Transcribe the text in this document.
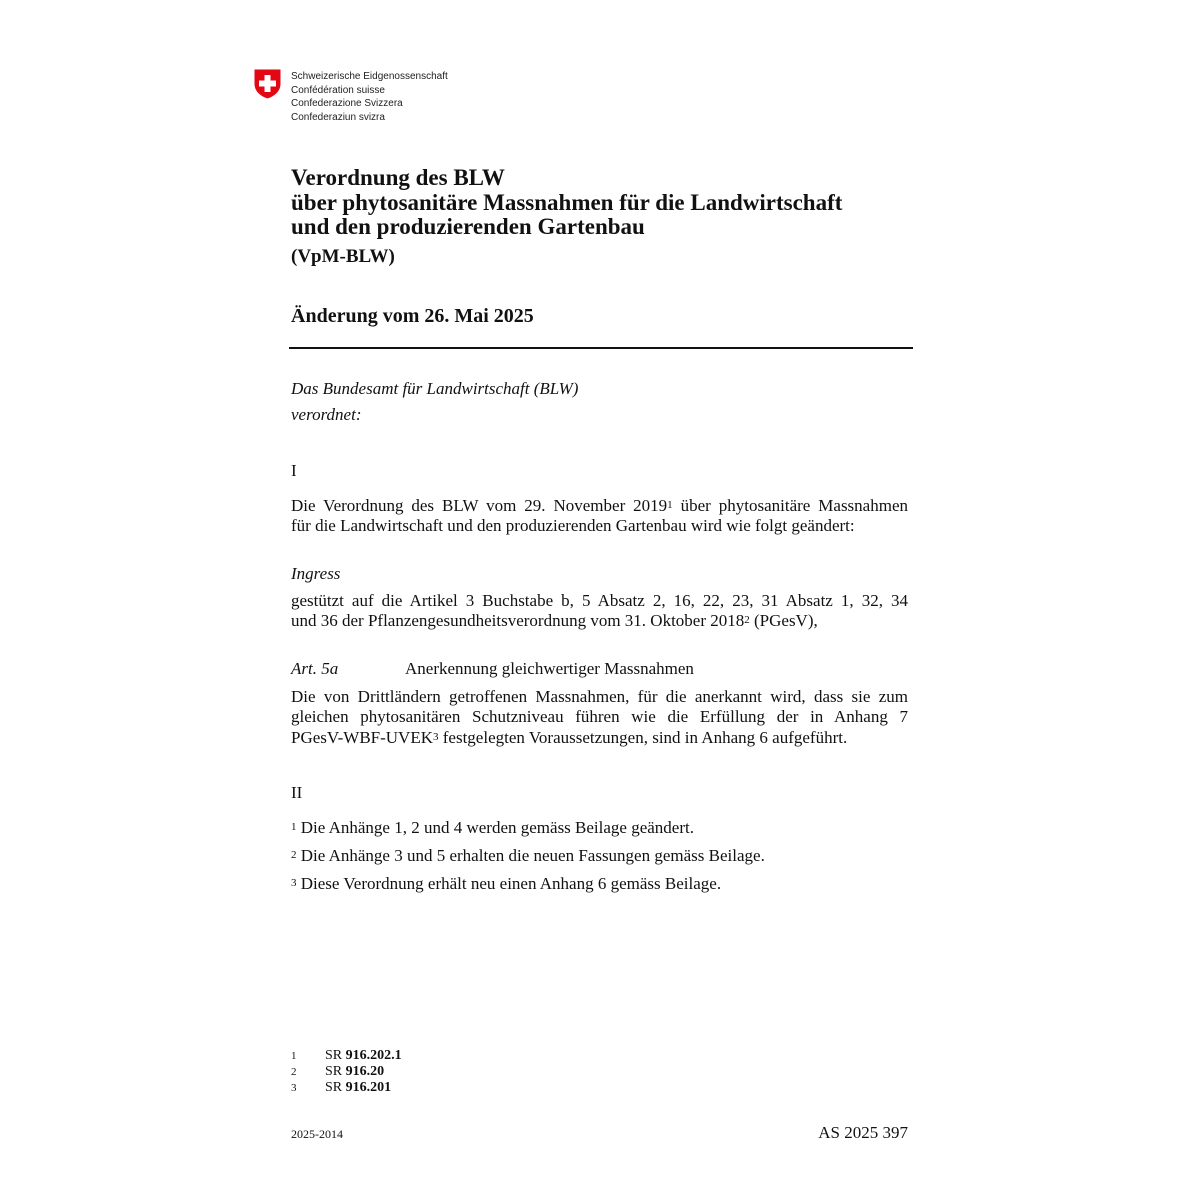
Schweizerische Eidgenossenschaft
Confédération suisse
Confederazione Svizzera
Confederaziun svizra
Verordnung des BLW
über phytosanitäre Massnahmen für die Landwirtschaft
und den produzierenden Gartenbau
(VpM-BLW)
Änderung vom 26. Mai 2025
Das Bundesamt für Landwirtschaft (BLW)
verordnet:
I
Die Verordnung des BLW vom 29. November 2019$^1$ über phytosanitäre Massnahmen
für die Landwirtschaft und den produzierenden Gartenbau wird wie folgt geändert:
Ingress
gestützt auf die Artikel 3 Buchstabe b, 5 Absatz 2, 16, 22, 23, 31 Absatz 1, 32, 34
und 36 der Pflanzengesundheitsverordnung vom 31. Oktober 2018$^2$ (PGesV),
Art. 5a	Anerkennung gleichwertiger Massnahmen
Die von Drittländern getroffenen Massnahmen, für die anerkannt wird, dass sie zum
gleichen phytosanitären Schutzniveau führen wie die Erfüllung der in Anhang 7
PGesV-WBF-UVEK$^3$ festgelegten Voraussetzungen, sind in Anhang 6 aufgeführt.
II
$^1$ Die Anhänge 1, 2 und 4 werden gemäss Beilage geändert.
$^2$ Die Anhänge 3 und 5 erhalten die neuen Fassungen gemäss Beilage.
$^3$ Diese Verordnung erhält neu einen Anhang 6 gemäss Beilage.
1 SR 916.202.1
2 SR 916.20
3 SR 916.201
2025-2014	AS 2025 397
